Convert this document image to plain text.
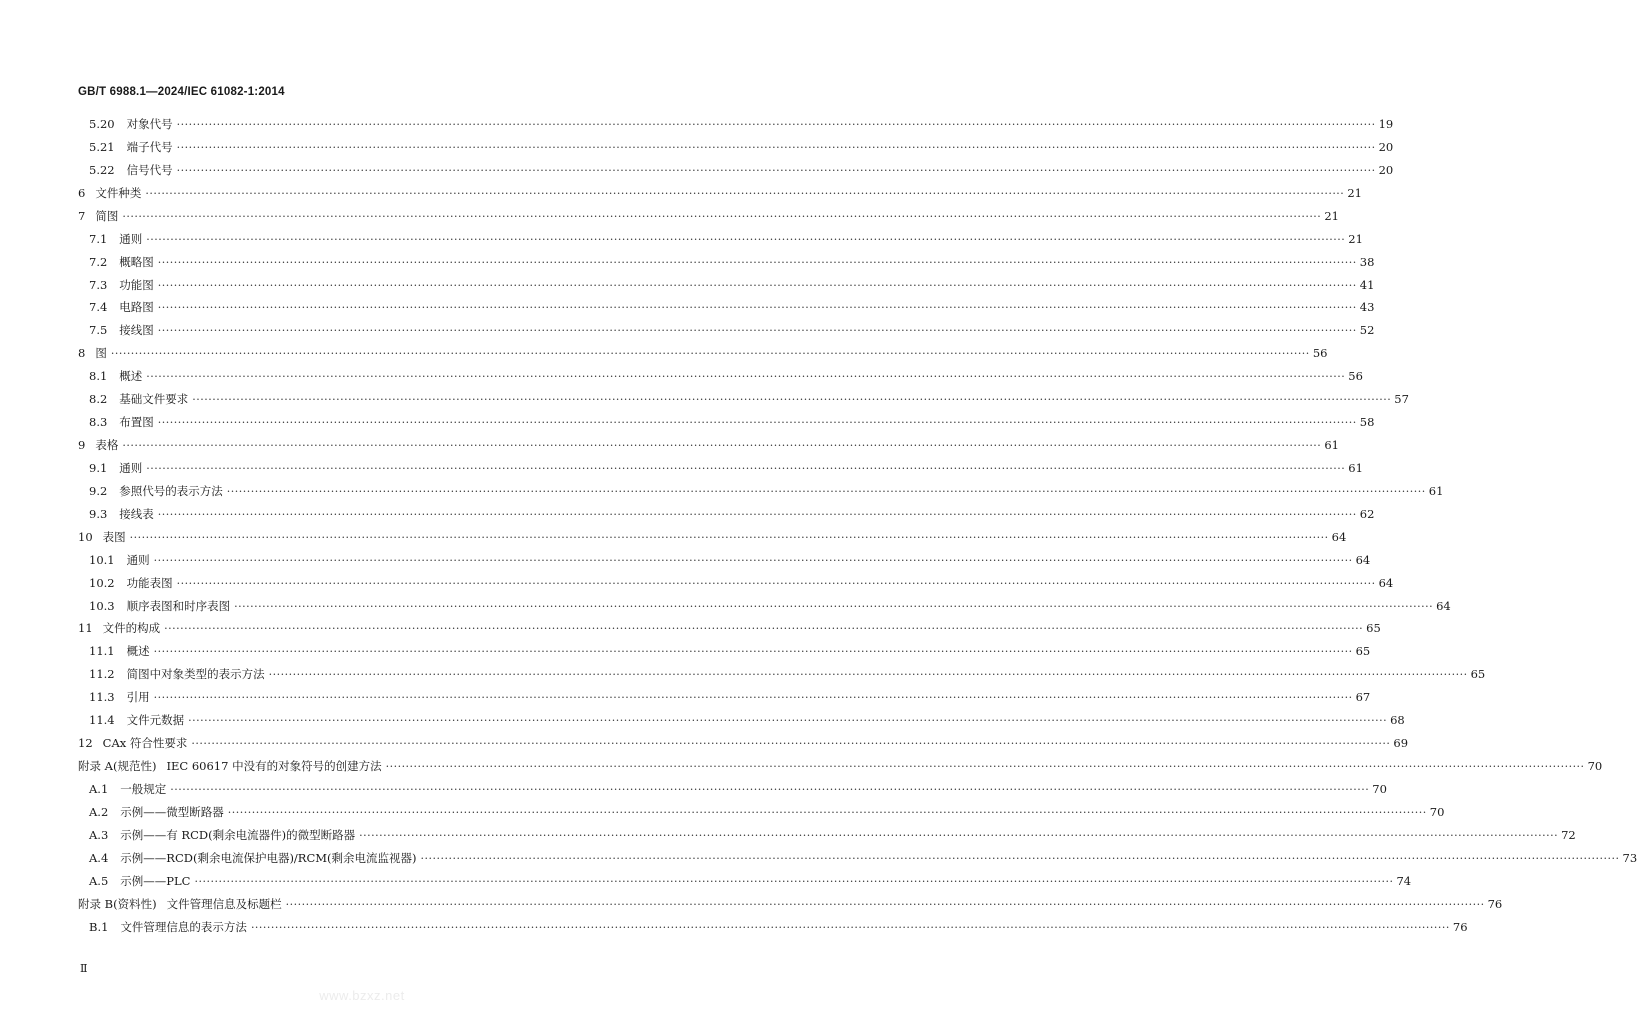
GB/T 6988.1—2024/IEC 61082-1:2014
5.20 对象代号 ············································································································································································································································································································ 19
5.21 端子代号 ············································································································································································································································································································ 20
5.22 信号代号 ············································································································································································································································································································ 20
6 文件种类 ············································································································································································································································································································ 21
7 简图 ············································································································································································································································································································ 21
7.1 通则 ············································································································································································································································································································ 21
7.2 概略图 ············································································································································································································································································································ 38
7.3 功能图 ············································································································································································································································································································ 41
7.4 电路图 ············································································································································································································································································································ 43
7.5 接线图 ············································································································································································································································································································ 52
8 图 ············································································································································································································································································································ 56
8.1 概述 ············································································································································································································································································································ 56
8.2 基础文件要求 ············································································································································································································································································································ 57
8.3 布置图 ············································································································································································································································································································ 58
9 表格 ············································································································································································································································································································ 61
9.1 通则 ············································································································································································································································································································ 61
9.2 参照代号的表示方法 ············································································································································································································································································································ 61
9.3 接线表 ············································································································································································································································································································ 62
10 表图 ············································································································································································································································································································ 64
10.1 通则 ············································································································································································································································································································ 64
10.2 功能表图 ············································································································································································································································································································ 64
10.3 顺序表图和时序表图 ············································································································································································································································································································ 64
11 文件的构成 ············································································································································································································································································································ 65
11.1 概述 ············································································································································································································································································································ 65
11.2 简图中对象类型的表示方法 ············································································································································································································································································································ 65
11.3 引用 ············································································································································································································································································································ 67
11.4 文件元数据 ············································································································································································································································································································ 68
12 CAx 符合性要求 ············································································································································································································································································································ 69
附录 A(规范性) IEC 60617 中没有的对象符号的创建方法 ············································································································································································································································································································ 70
A.1 一般规定 ············································································································································································································································································································ 70
A.2 示例——微型断路器 ············································································································································································································································································································ 70
A.3 示例——有 RCD(剩余电流器件)的微型断路器 ············································································································································································································································································································ 72
A.4 示例——RCD(剩余电流保护电器)/RCM(剩余电流监视器) ············································································································································································································································································································ 73
A.5 示例——PLC ············································································································································································································································································································ 74
附录 B(资料性) 文件管理信息及标题栏 ············································································································································································································································································································ 76
B.1 文件管理信息的表示方法 ············································································································································································································································································································ 76
Ⅱ
www.bzxz.net
